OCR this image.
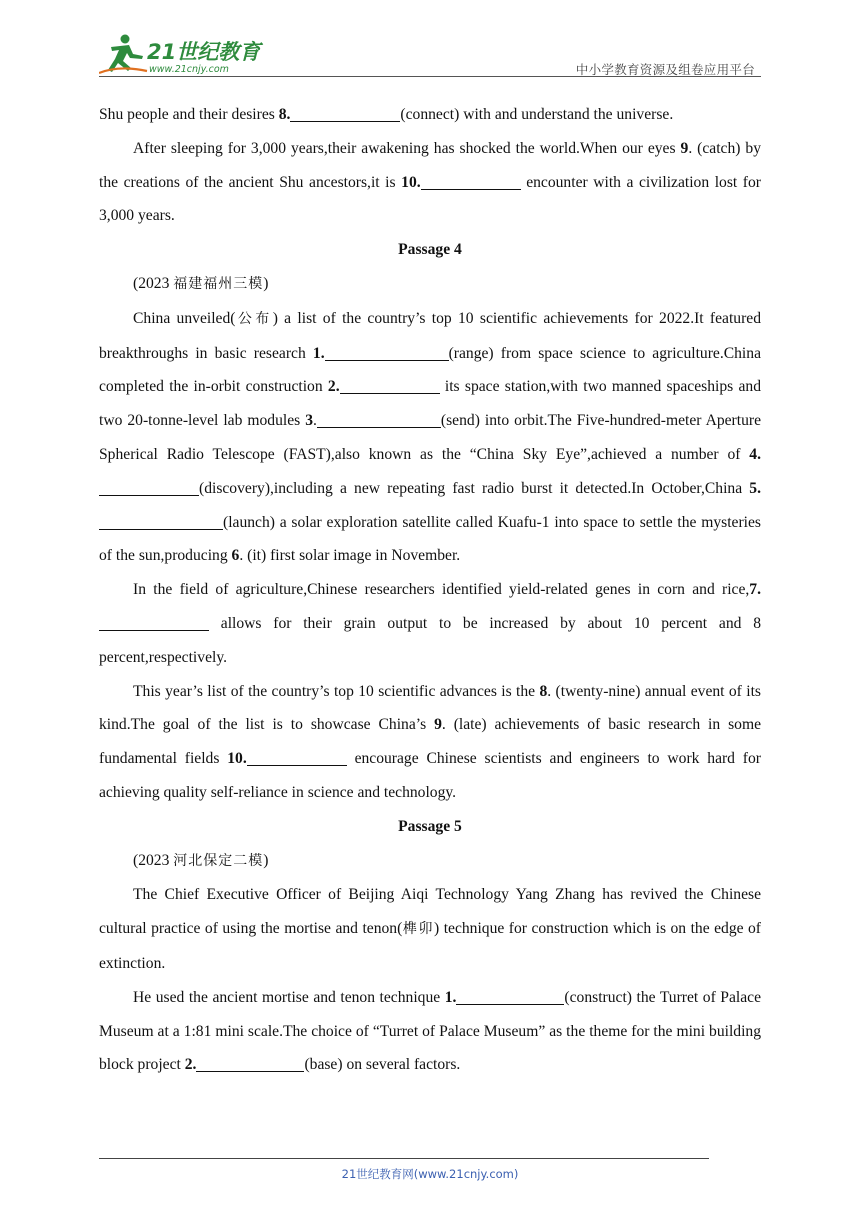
21世纪教育
www.21cnjy.com	中小学教育资源及组卷应用平台

Shu people and their desires 8.	(connect) with and understand the universe.

After sleeping for 3,000 years,their awakening has shocked the world.When our eyes 9. (catch) by the creations of the ancient Shu ancestors,it is 10.	encounter with a civilization lost for 3,000 years.

Passage 4

(2023 福建福州三模)

China unveiled(公布) a list of the country’s top 10 scientific achievements for 2022.It featured breakthroughs in basic research 1.	(range) from space science to agriculture.China completed the in-orbit construction 2.	its space station,with two manned spaceships and two 20-tonne-level lab modules 3.	(send) into orbit.The Five-hundred-meter Aperture Spherical Radio Telescope (FAST),also known as the “China Sky Eye”,achieved a number of 4.(discovery),including a new repeating fast radio burst it detected.In October,China 5.(launch) a solar exploration satellite called Kuafu-1 into space to settle the mysteries of the sun,producing 6. (it) first solar image in November.

In the field of agriculture,Chinese researchers identified yield-related genes in corn and rice,7. allows for their grain output to be increased by about 10 percent and 8 percent,respectively.

This year’s list of the country’s top 10 scientific advances is the 8. (twenty-nine) annual event of its kind.The goal of the list is to showcase China’s 9. (late) achievements of basic research in some fundamental fields 10.	encourage Chinese scientists and engineers to work hard for achieving quality self-reliance in science and technology.

Passage 5

(2023 河北保定二模)

The Chief Executive Officer of Beijing Aiqi Technology Yang Zhang has revived the Chinese cultural practice of using the mortise and tenon(榫卯) technique for construction which is on the edge of extinction.

He used the ancient mortise and tenon technique 1.	(construct) the Turret of Palace Museum at a 1:81 mini scale.The choice of “Turret of Palace Museum” as the theme for the mini building block project 2.	(base) on several factors.

21世纪教育网(www.21cnjy.com)
